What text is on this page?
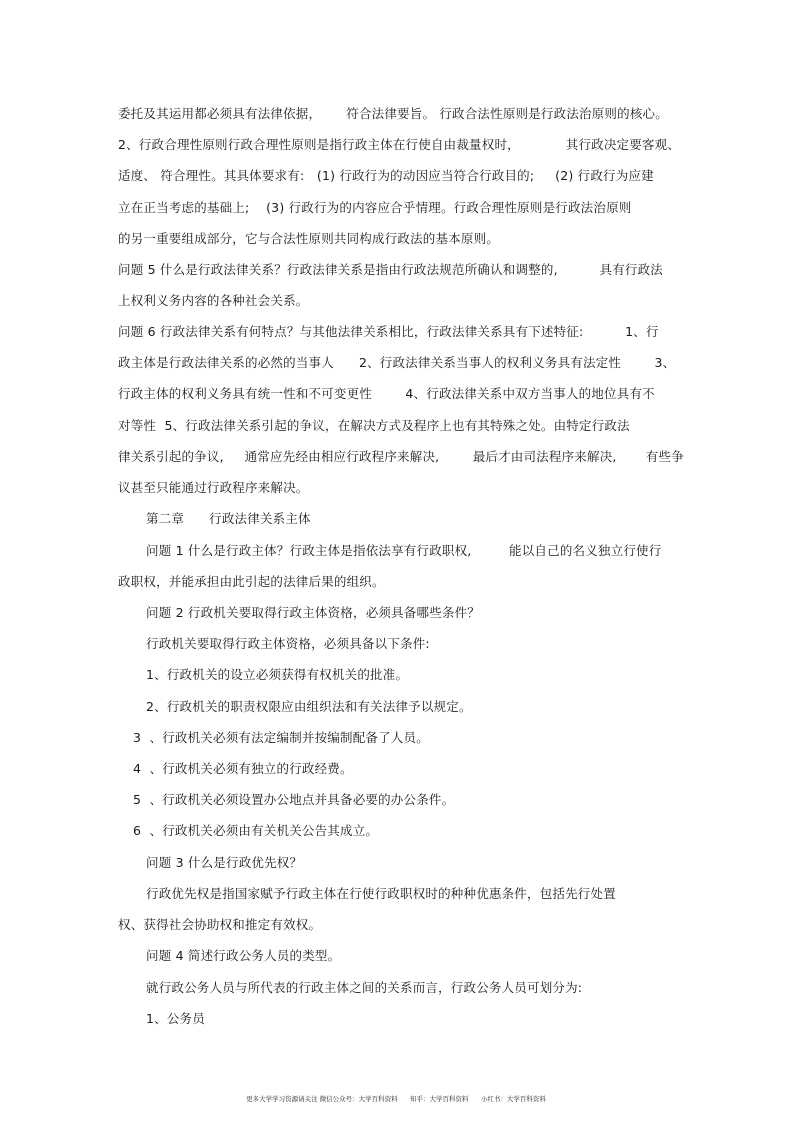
委托及其运用都必须具有法律依据，      符合法律要旨。 行政合法性原则是行政法治原则的核心。
2、行政合理性原则行政合理性原则是指行政主体在行使自由裁量权时，           其行政决定要客观、
适度、 符合理性。其具体要求有:   (1) 行政行为的动因应当符合行政目的;     (2) 行政行为应建
立在正当考虑的基础上;    (3) 行政行为的内容应合乎情理。行政合理性原则是行政法治原则
的另一重要组成部分，它与合法性原则共同构成行政法的基本原则。
问题 5 什么是行政法律关系？行政法律关系是指由行政法规范所确认和调整的,          具有行政法
上权利义务内容的各种社会关系。
问题 6 行政法律关系有何特点？与其他法律关系相比，行政法律关系具有下述特征:          1、行
政主体是行政法律关系的必然的当事人      2、行政法律关系当事人的权利义务具有法定性        3、
行政主体的权利义务具有统一性和不可变更性        4、行政法律关系中双方当事人的地位具有不
对等性  5、行政法律关系引起的争议，在解决方式及程序上也有其特殊之处。由特定行政法
律关系引起的争议,     通常应先经由相应行政程序来解决,        最后才由司法程序来解决,       有些争
议甚至只能通过行政程序来解决。
第二章      行政法律关系主体
问题 1 什么是行政主体？行政主体是指依法享有行政职权,         能以自己的名义独立行使行
政职权，并能承担由此引起的法律后果的组织。
问题 2 行政机关要取得行政主体资格，必须具备哪些条件？
行政机关要取得行政主体资格，必须具备以下条件:
1、行政机关的设立必须获得有权机关的批准。
2、行政机关的职责权限应由组织法和有关法律予以规定。
3  、行政机关必须有法定编制并按编制配备了人员。
4  、行政机关必须有独立的行政经费。
5  、行政机关必须设置办公地点并具备必要的办公条件。
6  、行政机关必须由有关机关公告其成立。
问题 3 什么是行政优先权？
行政优先权是指国家赋予行政主体在行使行政职权时的种种优惠条件，包括先行处置
权、获得社会协助权和推定有效权。
问题 4 简述行政公务人员的类型。
就行政公务人员与所代表的行政主体之间的关系而言，行政公务人员可划分为:
1、公务员
更多大学学习资源请关注 微信公众号：大学百科资料      知乎：大学百科资料      小红书：大学百科资料
